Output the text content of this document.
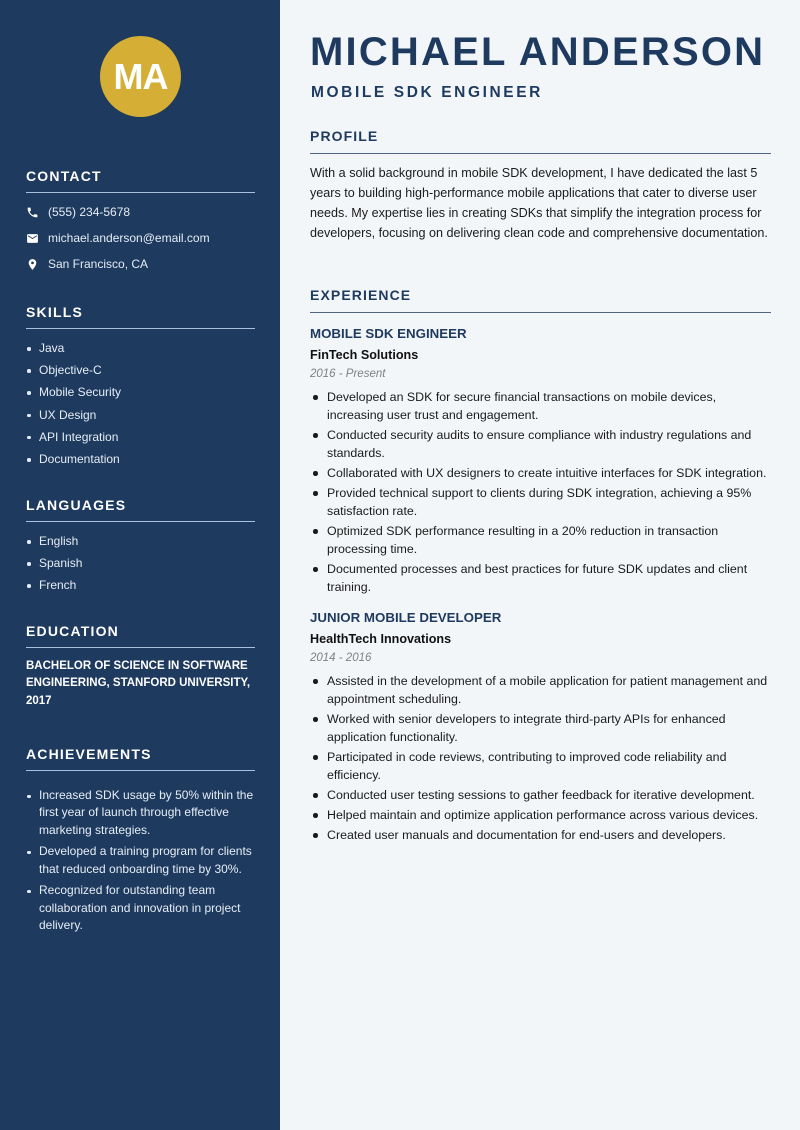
MA
CONTACT
(555) 234-5678
michael.anderson@email.com
San Francisco, CA
SKILLS
Java
Objective-C
Mobile Security
UX Design
API Integration
Documentation
LANGUAGES
English
Spanish
French
EDUCATION

BACHELOR OF SCIENCE IN SOFTWARE ENGINEERING, STANFORD UNIVERSITY, 2017

ACHIEVEMENTS
Increased SDK usage by 50% within the first year of launch through effective marketing strategies.
Developed a training program for clients that reduced onboarding time by 30%.
Recognized for outstanding team collaboration and innovation in project delivery.
MICHAEL ANDERSON
MOBILE SDK ENGINEER
PROFILE

With a solid background in mobile SDK development, I have dedicated the last 5 years to building high-performance mobile applications that cater to diverse user needs. My expertise lies in creating SDKs that simplify the integration process for developers, focusing on delivering clean code and comprehensive documentation.

EXPERIENCE
MOBILE SDK ENGINEER
FinTech Solutions
2016 - Present
Developed an SDK for secure financial transactions on mobile devices, increasing user trust and engagement.
Conducted security audits to ensure compliance with industry regulations and standards.
Collaborated with UX designers to create intuitive interfaces for SDK integration.
Provided technical support to clients during SDK integration, achieving a 95% satisfaction rate.
Optimized SDK performance resulting in a 20% reduction in transaction processing time.
Documented processes and best practices for future SDK updates and client training.
JUNIOR MOBILE DEVELOPER
HealthTech Innovations
2014 - 2016
Assisted in the development of a mobile application for patient management and appointment scheduling.
Worked with senior developers to integrate third-party APIs for enhanced application functionality.
Participated in code reviews, contributing to improved code reliability and efficiency.
Conducted user testing sessions to gather feedback for iterative development.
Helped maintain and optimize application performance across various devices.
Created user manuals and documentation for end-users and developers.
